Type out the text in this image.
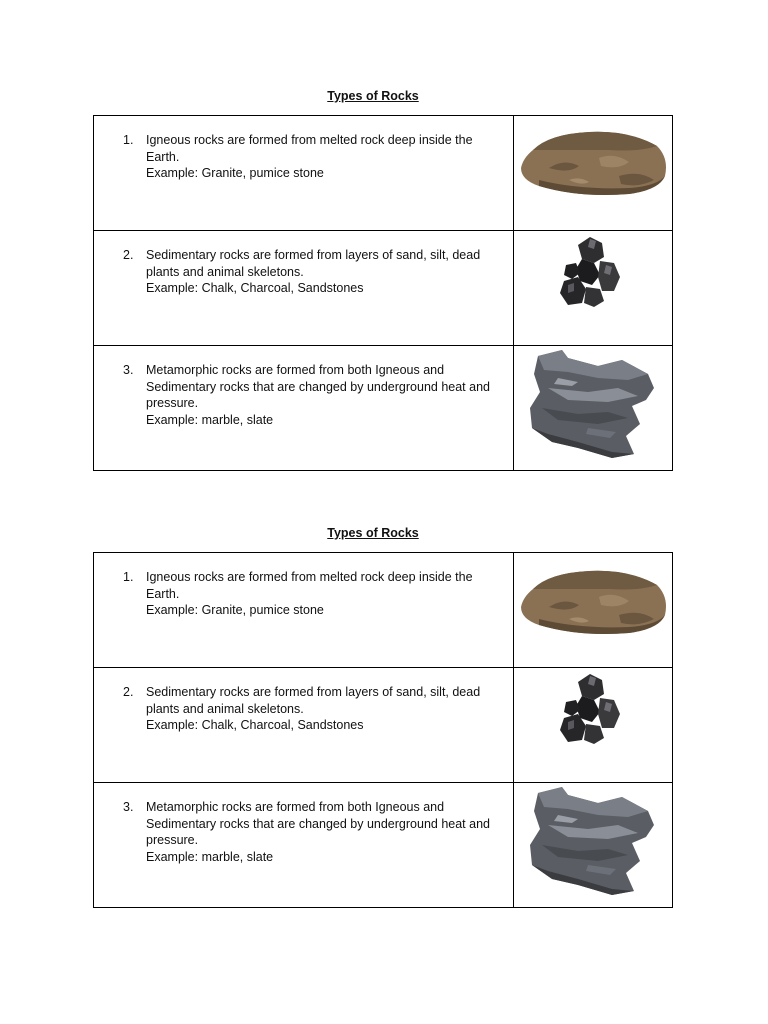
Types of Rocks
1. Igneous rocks are formed from melted rock deep inside the Earth.
Example: Granite, pumice stone
2. Sedimentary rocks are formed from layers of sand, silt, dead plants and animal skeletons.
Example: Chalk, Charcoal, Sandstones
3. Metamorphic rocks are formed from both Igneous and Sedimentary rocks that are changed by underground heat and pressure.
Example: marble, slate
Types of Rocks
1. Igneous rocks are formed from melted rock deep inside the Earth.
Example: Granite, pumice stone
2. Sedimentary rocks are formed from layers of sand, silt, dead plants and animal skeletons.
Example: Chalk, Charcoal, Sandstones
3. Metamorphic rocks are formed from both Igneous and Sedimentary rocks that are changed by underground heat and pressure.
Example: marble, slate
